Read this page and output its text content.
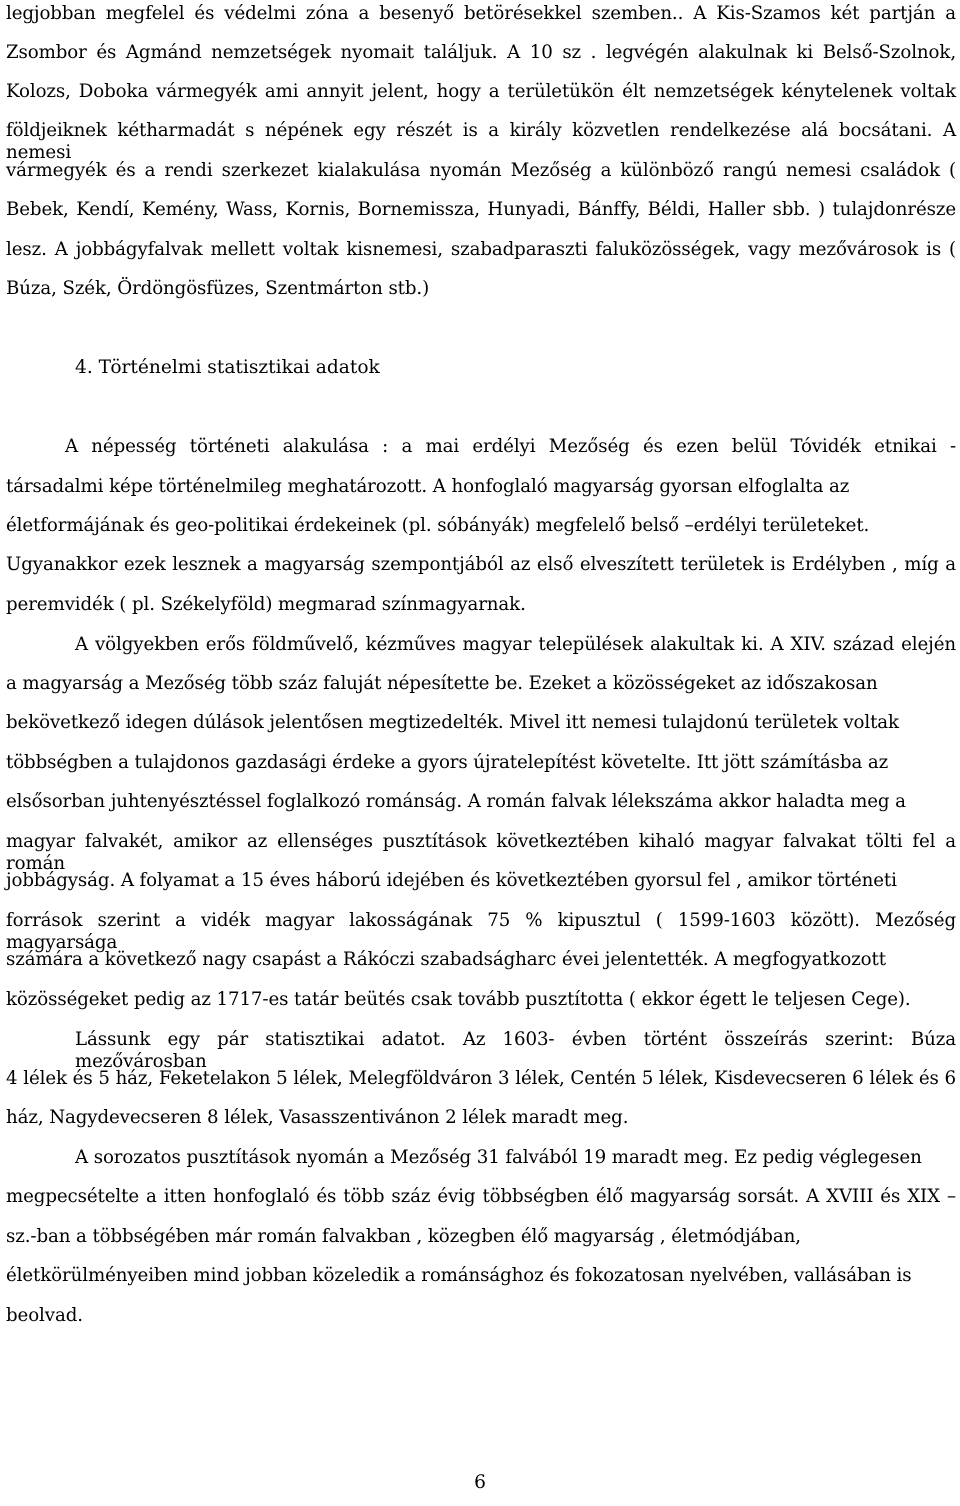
legjobban megfelel és védelmi zóna a besenyő betörésekkel szemben.. A Kis-Szamos két partján a
Zsombor és Agmánd nemzetségek nyomait találjuk. A 10 sz . legvégén alakulnak ki Belső-Szolnok,
Kolozs, Doboka vármegyék ami annyit jelent, hogy a területükön élt nemzetségek kénytelenek voltak
földjeiknek kétharmadát s népének egy részét is a király közvetlen rendelkezése alá bocsátani. A nemesi
vármegyék és a rendi szerkezet kialakulása nyomán Mezőség a különböző rangú nemesi családok (
Bebek, Kendí, Kemény, Wass, Kornis, Bornemissza, Hunyadi, Bánffy, Béldi, Haller sbb. ) tulajdonrésze
lesz. A jobbágyfalvak mellett voltak kisnemesi, szabadparaszti faluközösségek, vagy mezővárosok is (
Búza, Szék, Ördöngösfüzes, Szentmárton stb.)
4. Történelmi statisztikai adatok
A népesség történeti alakulása : a mai erdélyi Mezőség és ezen belül Tóvidék etnikai -
társadalmi képe történelmileg meghatározott. A honfoglaló magyarság gyorsan elfoglalta az
életformájának és geo-politikai érdekeinek (pl. sóbányák) megfelelő belső –erdélyi területeket.
Ugyanakkor ezek lesznek a magyarság szempontjából az első elveszített területek is Erdélyben , míg a
peremvidék ( pl. Székelyföld) megmarad színmagyarnak.
A völgyekben erős földművelő, kézműves magyar települések alakultak ki. A XIV. század elején
a magyarság a Mezőség több száz faluját népesítette be. Ezeket a közösségeket az időszakosan
bekövetkező idegen dúlások jelentősen megtizedelték. Mivel itt nemesi tulajdonú területek voltak
többségben a tulajdonos gazdasági érdeke a gyors újratelepítést követelte. Itt jött számításba az
elsősorban juhtenyésztéssel foglalkozó románság. A román falvak lélekszáma akkor haladta meg a
magyar falvakét, amikor az ellenséges pusztítások következtében kihaló magyar falvakat tölti fel a román
jobbágyság. A folyamat a 15 éves háború idejében és következtében gyorsul fel , amikor történeti
források szerint a vidék magyar lakosságának 75 % kipusztul ( 1599-1603 között). Mezőség magyarsága
számára a következő nagy csapást a Rákóczi szabadságharc évei jelentették. A megfogyatkozott
közösségeket pedig az 1717-es tatár beütés csak tovább pusztította ( ekkor égett le teljesen Cege).
Lássunk egy pár statisztikai adatot. Az 1603- évben történt összeírás szerint: Búza mezővárosban
4 lélek és 5 ház, Feketelakon 5 lélek, Melegföldváron 3 lélek, Centén 5 lélek, Kisdevecseren 6 lélek és 6
ház, Nagydevecseren 8 lélek, Vasasszentivánon 2 lélek maradt meg.
A sorozatos pusztítások nyomán a Mezőség 31 falvából 19 maradt meg. Ez pedig véglegesen
megpecsételte a itten honfoglaló és több száz évig többségben élő magyarság sorsát. A XVIII és XIX –
sz.-ban a többségében már román falvakban , közegben élő magyarság , életmódjában,
életkörülményeiben mind jobban közeledik a románsághoz és fokozatosan nyelvében, vallásában is
beolvad.
6
